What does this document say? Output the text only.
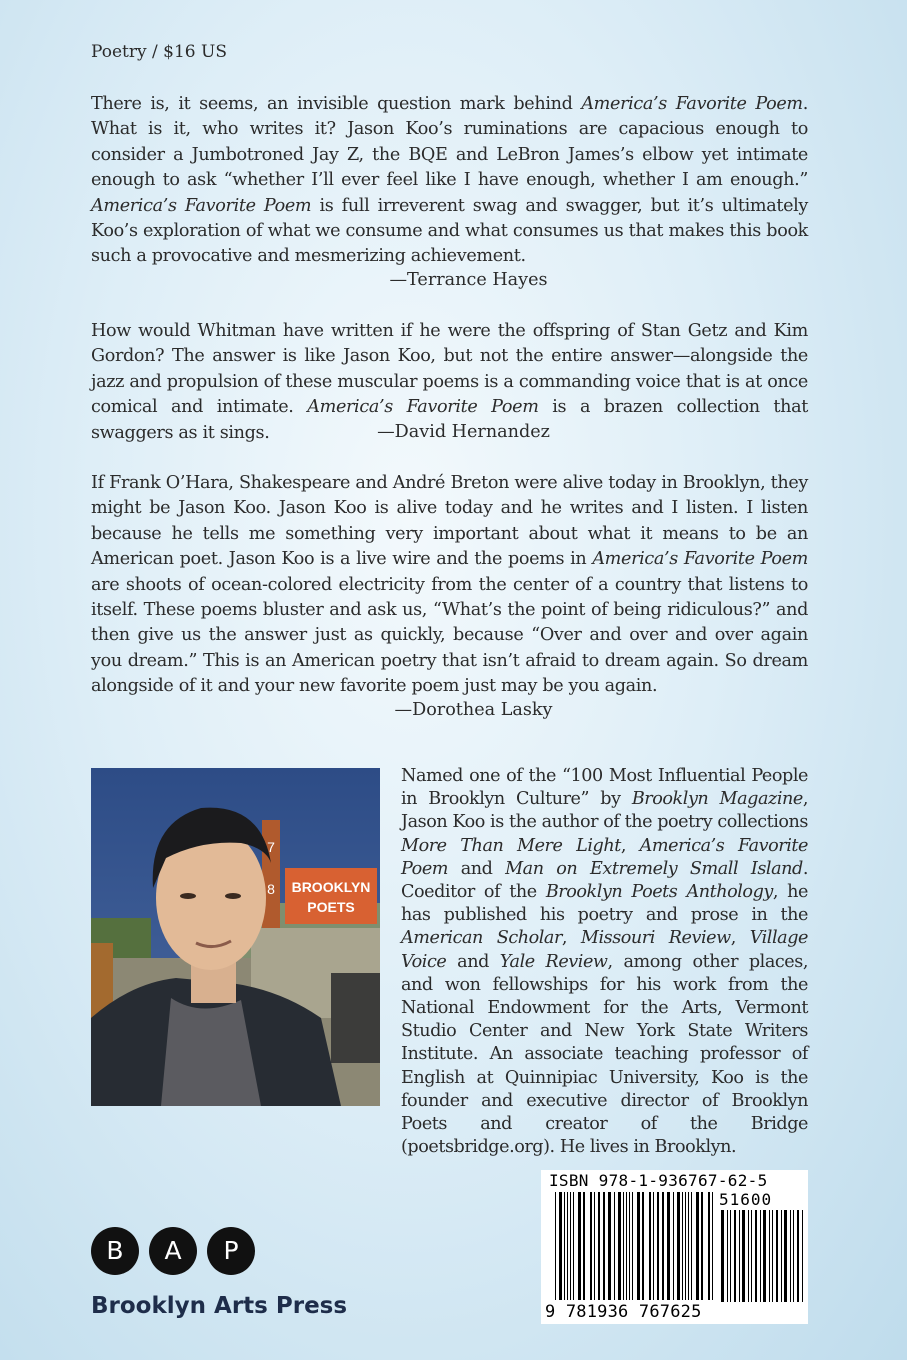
Poetry / $16 US
There is, it seems, an invisible question mark behind America’s Favorite Poem. What is it, who writes it? Jason Koo’s ruminations are capacious enough to consider a Jumbotroned Jay Z, the BQE and LeBron James’s elbow yet intimate enough to ask “whether I’ll ever feel like I have enough, whether I am enough.” America’s Favorite Poem is full irreverent swag and swagger, but it’s ultimately Koo’s exploration of what we consume and what consumes us that makes this book such a provocative and mesmerizing achievement.
—Terrance Hayes
How would Whitman have written if he were the offspring of Stan Getz and Kim Gordon? The answer is like Jason Koo, but not the entire answer—alongside the jazz and propulsion of these muscular poems is a commanding voice that is at once comical and intimate. America’s Favorite Poem is a brazen collection that swaggers as it sings.	—David Hernandez
If Frank O’Hara, Shakespeare and André Breton were alive today in Brooklyn, they might be Jason Koo. Jason Koo is alive today and he writes and I listen. I listen because he tells me something very important about what it means to be an American poet. Jason Koo is a live wire and the poems in America’s Favorite Poem are shoots of ocean-colored electricity from the center of a country that listens to itself. These poems bluster and ask us, “What’s the point of being ridiculous?” and then give us the answer just as quickly, because “Over and over and over again you dream.” This is an American poetry that isn’t afraid to dream again. So dream alongside of it and your new favorite poem just may be you again.
—Dorothea Lasky
7
8 BROOKLYN
POETS
Named one of the “100 Most Influential People in Brooklyn Culture” by Brooklyn Magazine, Jason Koo is the author of the poetry collections More Than Mere Light, America’s Favorite Poem and Man on Extremely Small Island. Coeditor of the Brooklyn Poets Anthology, he has published his poetry and prose in the American Scholar, Missouri Review, Village Voice and Yale Review, among other places, and won fellowships for his work from the National Endowment for the Arts, Vermont Studio Center and New York State Writers Institute. An associate teaching professor of English at Quinnipiac University, Koo is the founder and executive director of Brooklyn Poets and creator of the Bridge (poetsbridge.org). He lives in Brooklyn.
ISBN 978-1-936767-62-5
51600
9 781936 767625
B	A	P
Brooklyn Arts Press
